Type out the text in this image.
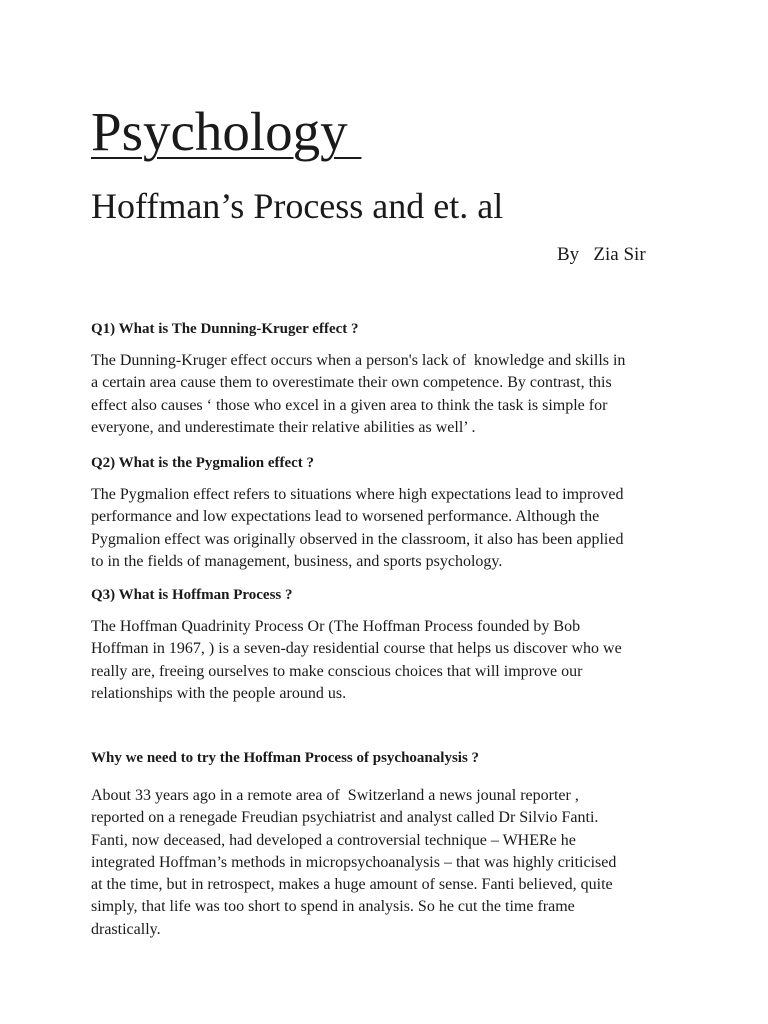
Psychology
Hoffman’s Process and et. al
By   Zia Sir
Q1) What is The Dunning-Kruger effect ?
The Dunning-Kruger effect occurs when a person's lack of  knowledge and skills in
a certain area cause them to overestimate their own competence. By contrast, this
effect also causes ‘ those who excel in a given area to think the task is simple for
everyone, and underestimate their relative abilities as well’ .
Q2) What is the Pygmalion effect ?
The Pygmalion effect refers to situations where high expectations lead to improved
performance and low expectations lead to worsened performance. Although the
Pygmalion effect was originally observed in the classroom, it also has been applied
to in the fields of management, business, and sports psychology.
Q3) What is Hoffman Process ?
The Hoffman Quadrinity Process Or (The Hoffman Process founded by Bob
Hoffman in 1967, ) is a seven-day residential course that helps us discover who we
really are, freeing ourselves to make conscious choices that will improve our
relationships with the people around us.
Why we need to try the Hoffman Process of psychoanalysis ?
About 33 years ago in a remote area of  Switzerland a news jounal reporter ,
reported on a renegade Freudian psychiatrist and analyst called Dr Silvio Fanti.
Fanti, now deceased, had developed a controversial technique – WHERe he
integrated Hoffman’s methods in micropsychoanalysis – that was highly criticised
at the time, but in retrospect, makes a huge amount of sense. Fanti believed, quite
simply, that life was too short to spend in analysis. So he cut the time frame
drastically.
